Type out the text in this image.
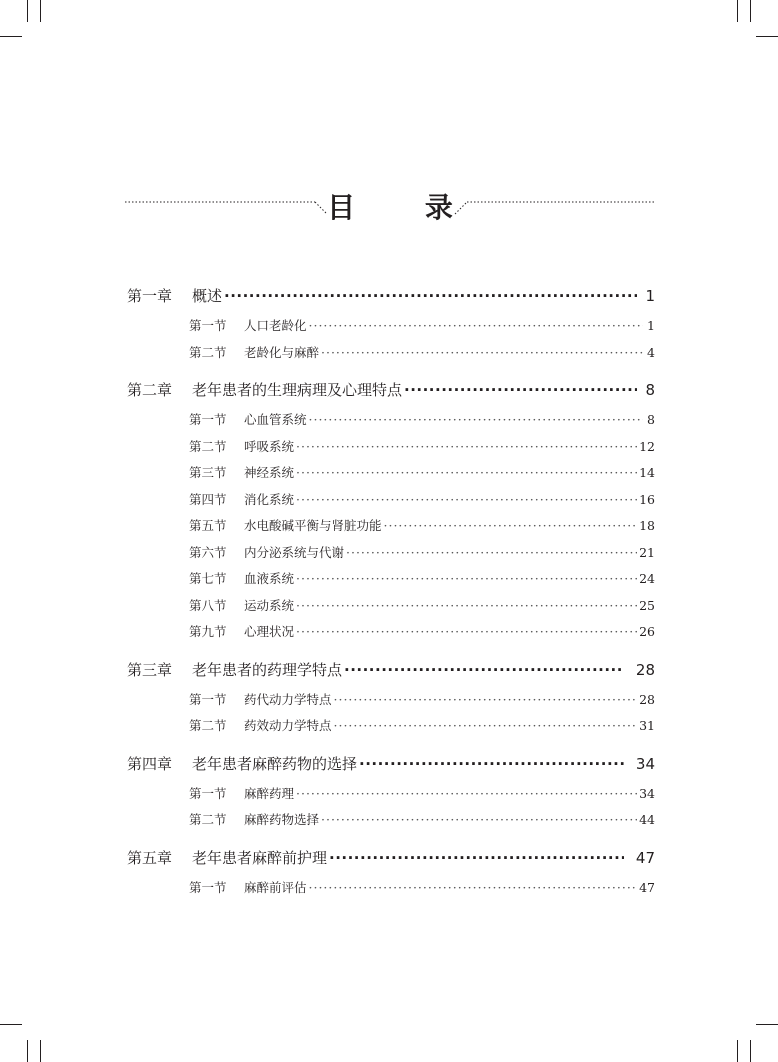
目 录
第一章	概述 ·····	1
第一节	人口老龄化 ·····	1
第二节	老龄化与麻醉 ·····	4
第二章	老年患者的生理病理及心理特点 ·····	8
第一节	心血管系统 ·····	8
第二节	呼吸系统 ·····	12
第三节	神经系统 ·····	14
第四节	消化系统 ·····	16
第五节	水电酸碱平衡与肾脏功能 ·····	18
第六节	内分泌系统与代谢 ·····	21
第七节	血液系统 ·····	24
第八节	运动系统 ·····	25
第九节	心理状况 ·····	26
第三章	老年患者的药理学特点 ·····	28
第一节	药代动力学特点 ·····	28
第二节	药效动力学特点 ·····	31
第四章	老年患者麻醉药物的选择 ·····	34
第一节	麻醉药理 ·····	34
第二节	麻醉药物选择 ·····	44
第五章	老年患者麻醉前护理 ·····	47
第一节	麻醉前评估 ·····	47
